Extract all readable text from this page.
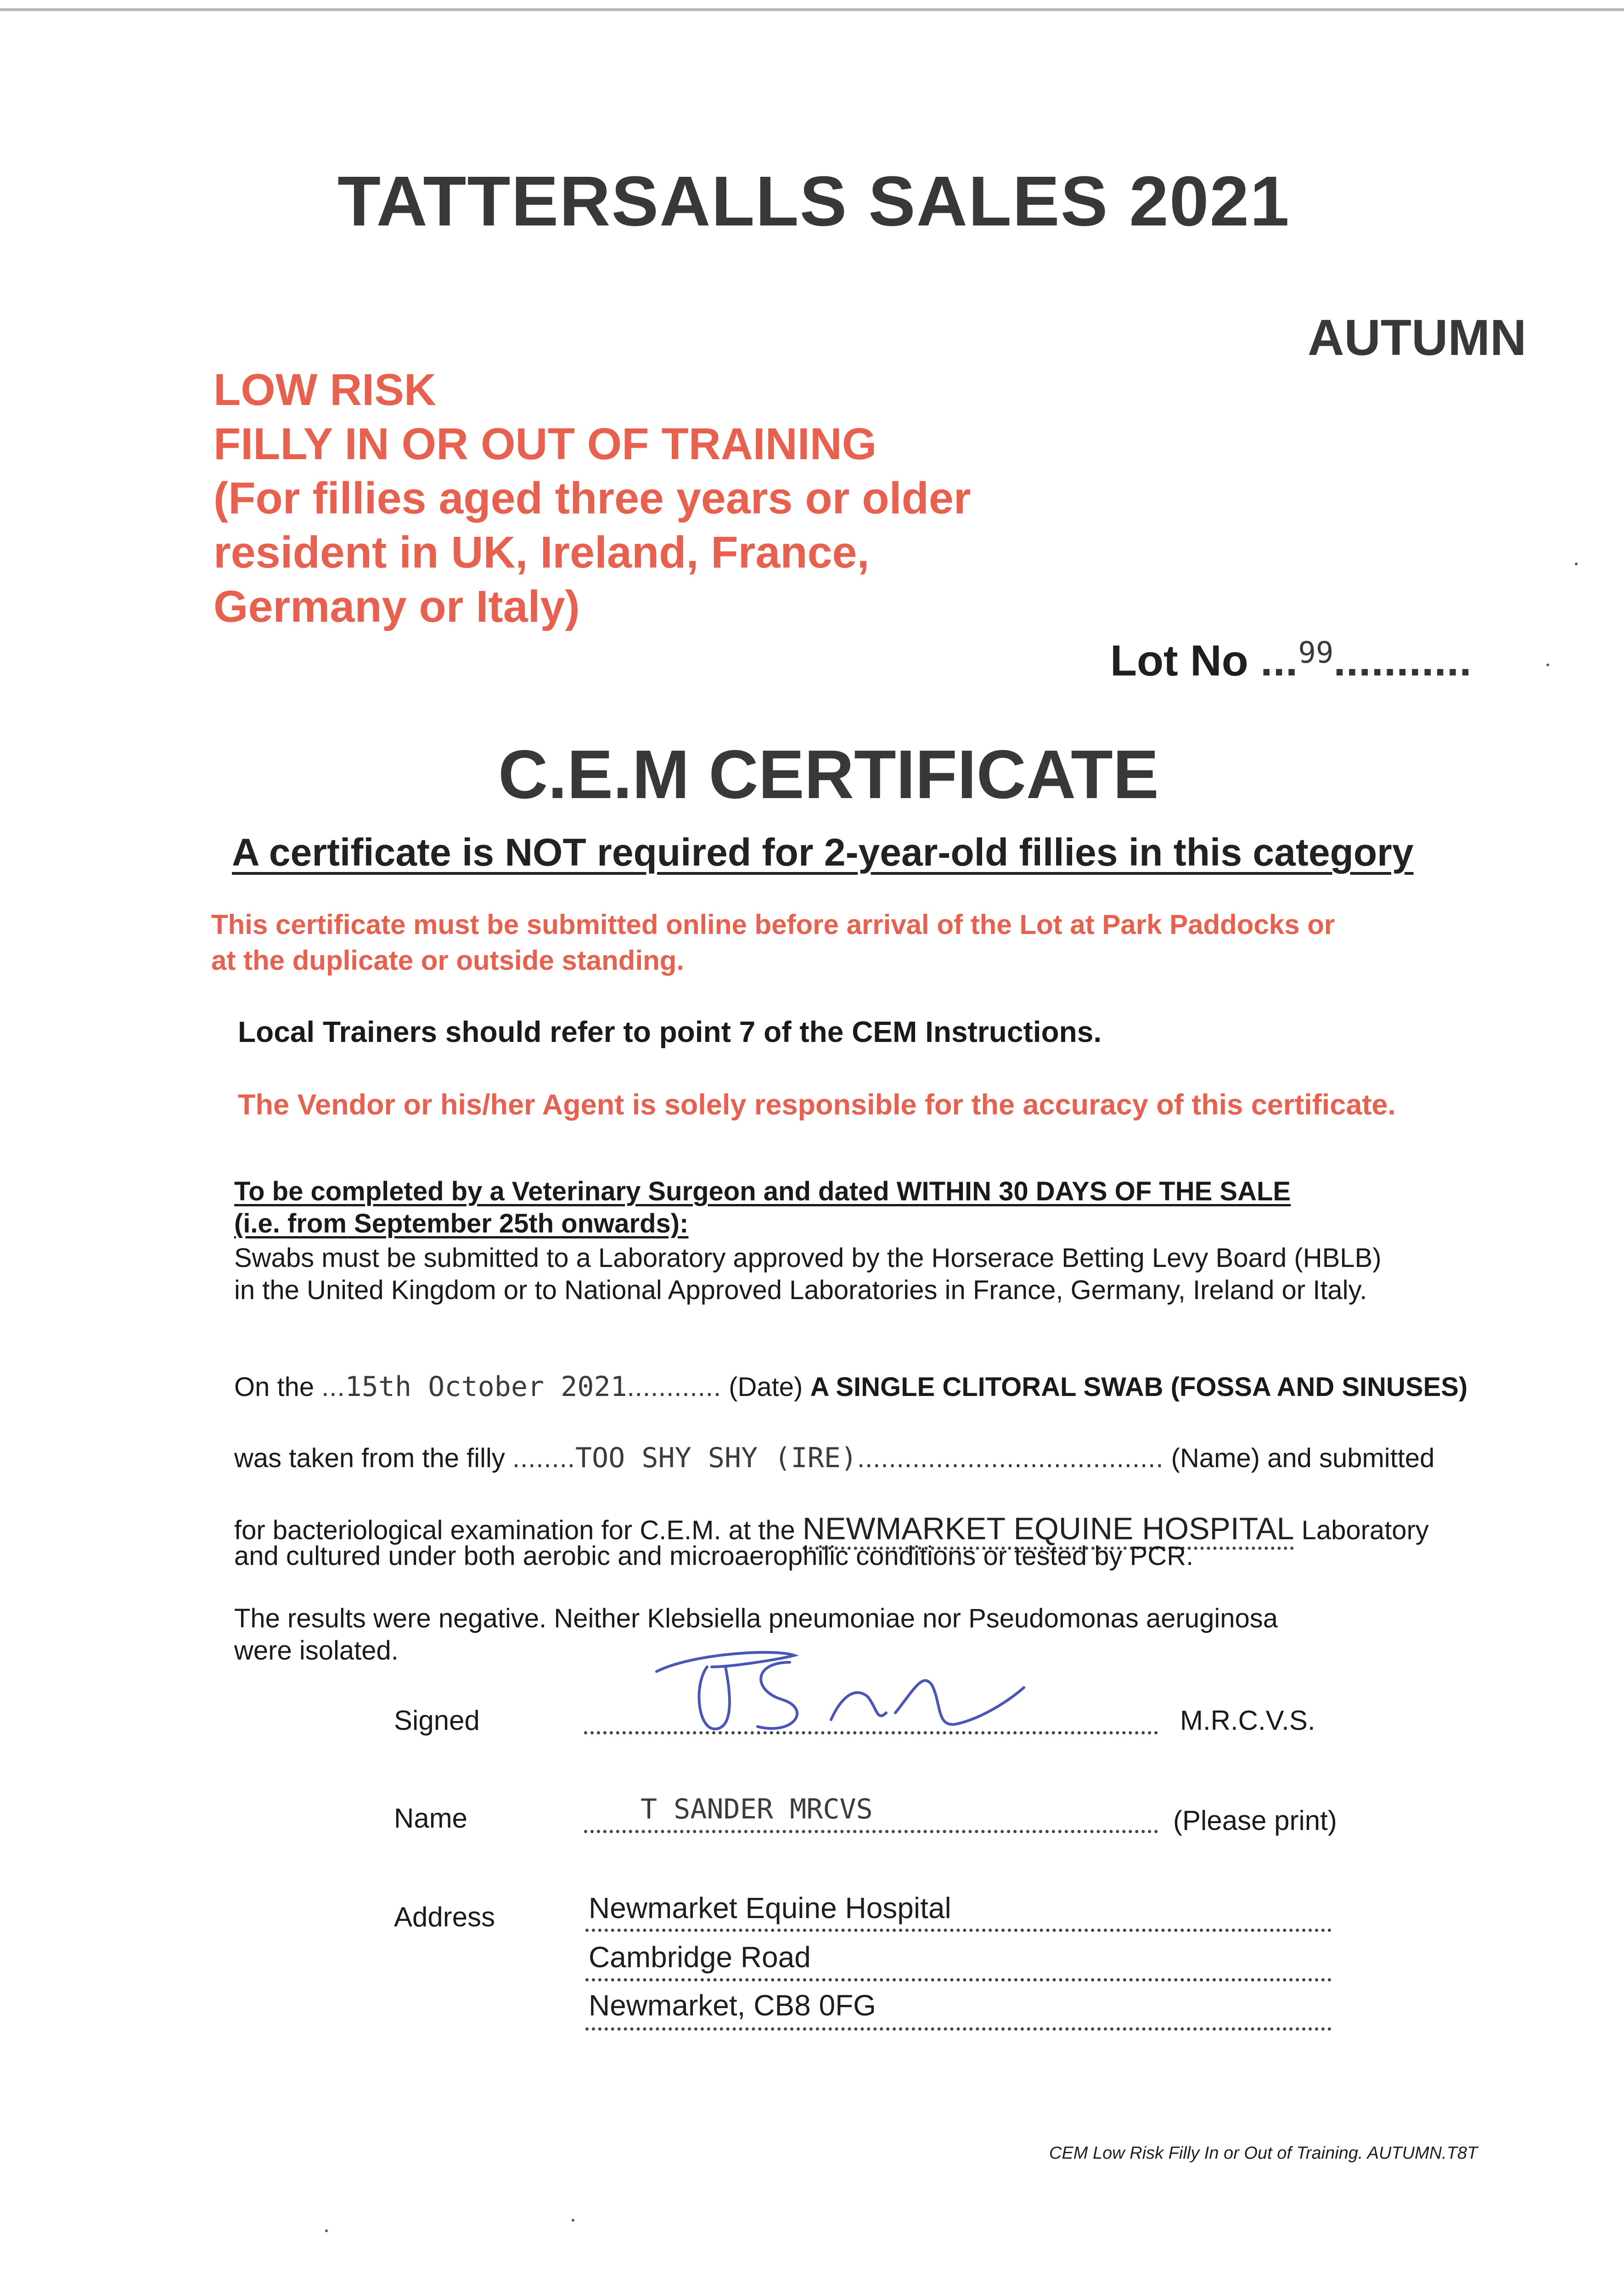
TATTERSALLS SALES 2021
AUTUMN
LOW RISK
FILLY IN OR OUT OF TRAINING
(For fillies aged three years or older
resident in UK, Ireland, France,
Germany or Italy)
Lot No ...$^{99}$...........
C.E.M CERTIFICATE
A certificate is NOT required for 2-year-old fillies in this category
This certificate must be submitted online before arrival of the Lot at Park Paddocks or
at the duplicate or outside standing.
Local Trainers should refer to point 7 of the CEM Instructions.
The Vendor or his/her Agent is solely responsible for the accuracy of this certificate.
To be completed by a Veterinary Surgeon and dated WITHIN 30 DAYS OF THE SALE
(i.e. from September 25th onwards):
Swabs must be submitted to a Laboratory approved by the Horserace Betting Levy Board (HBLB)
in the United Kingdom or to National Approved Laboratories in France, Germany, Ireland or Italy.
On the ...15th October 2021............ (Date) A SINGLE CLITORAL SWAB (FOSSA AND SINUSES)
was taken from the filly ........TOO SHY SHY (IRE)....................................... (Name) and submitted
for bacteriological examination for C.E.M. at the NEWMARKET EQUINE HOSPITAL Laboratory
and cultured under both aerobic and microaerophilic conditions or tested by PCR.
The results were negative. Neither Klebsiella pneumoniae nor Pseudomonas aeruginosa
were isolated.
Signed	M.R.C.V.S.
Name	T SANDER MRCVS	(Please print)
Address	Newmarket Equine Hospital
Cambridge Road
Newmarket, CB8 0FG
CEM Low Risk Filly In or Out of Training. AUTUMN.T8T
